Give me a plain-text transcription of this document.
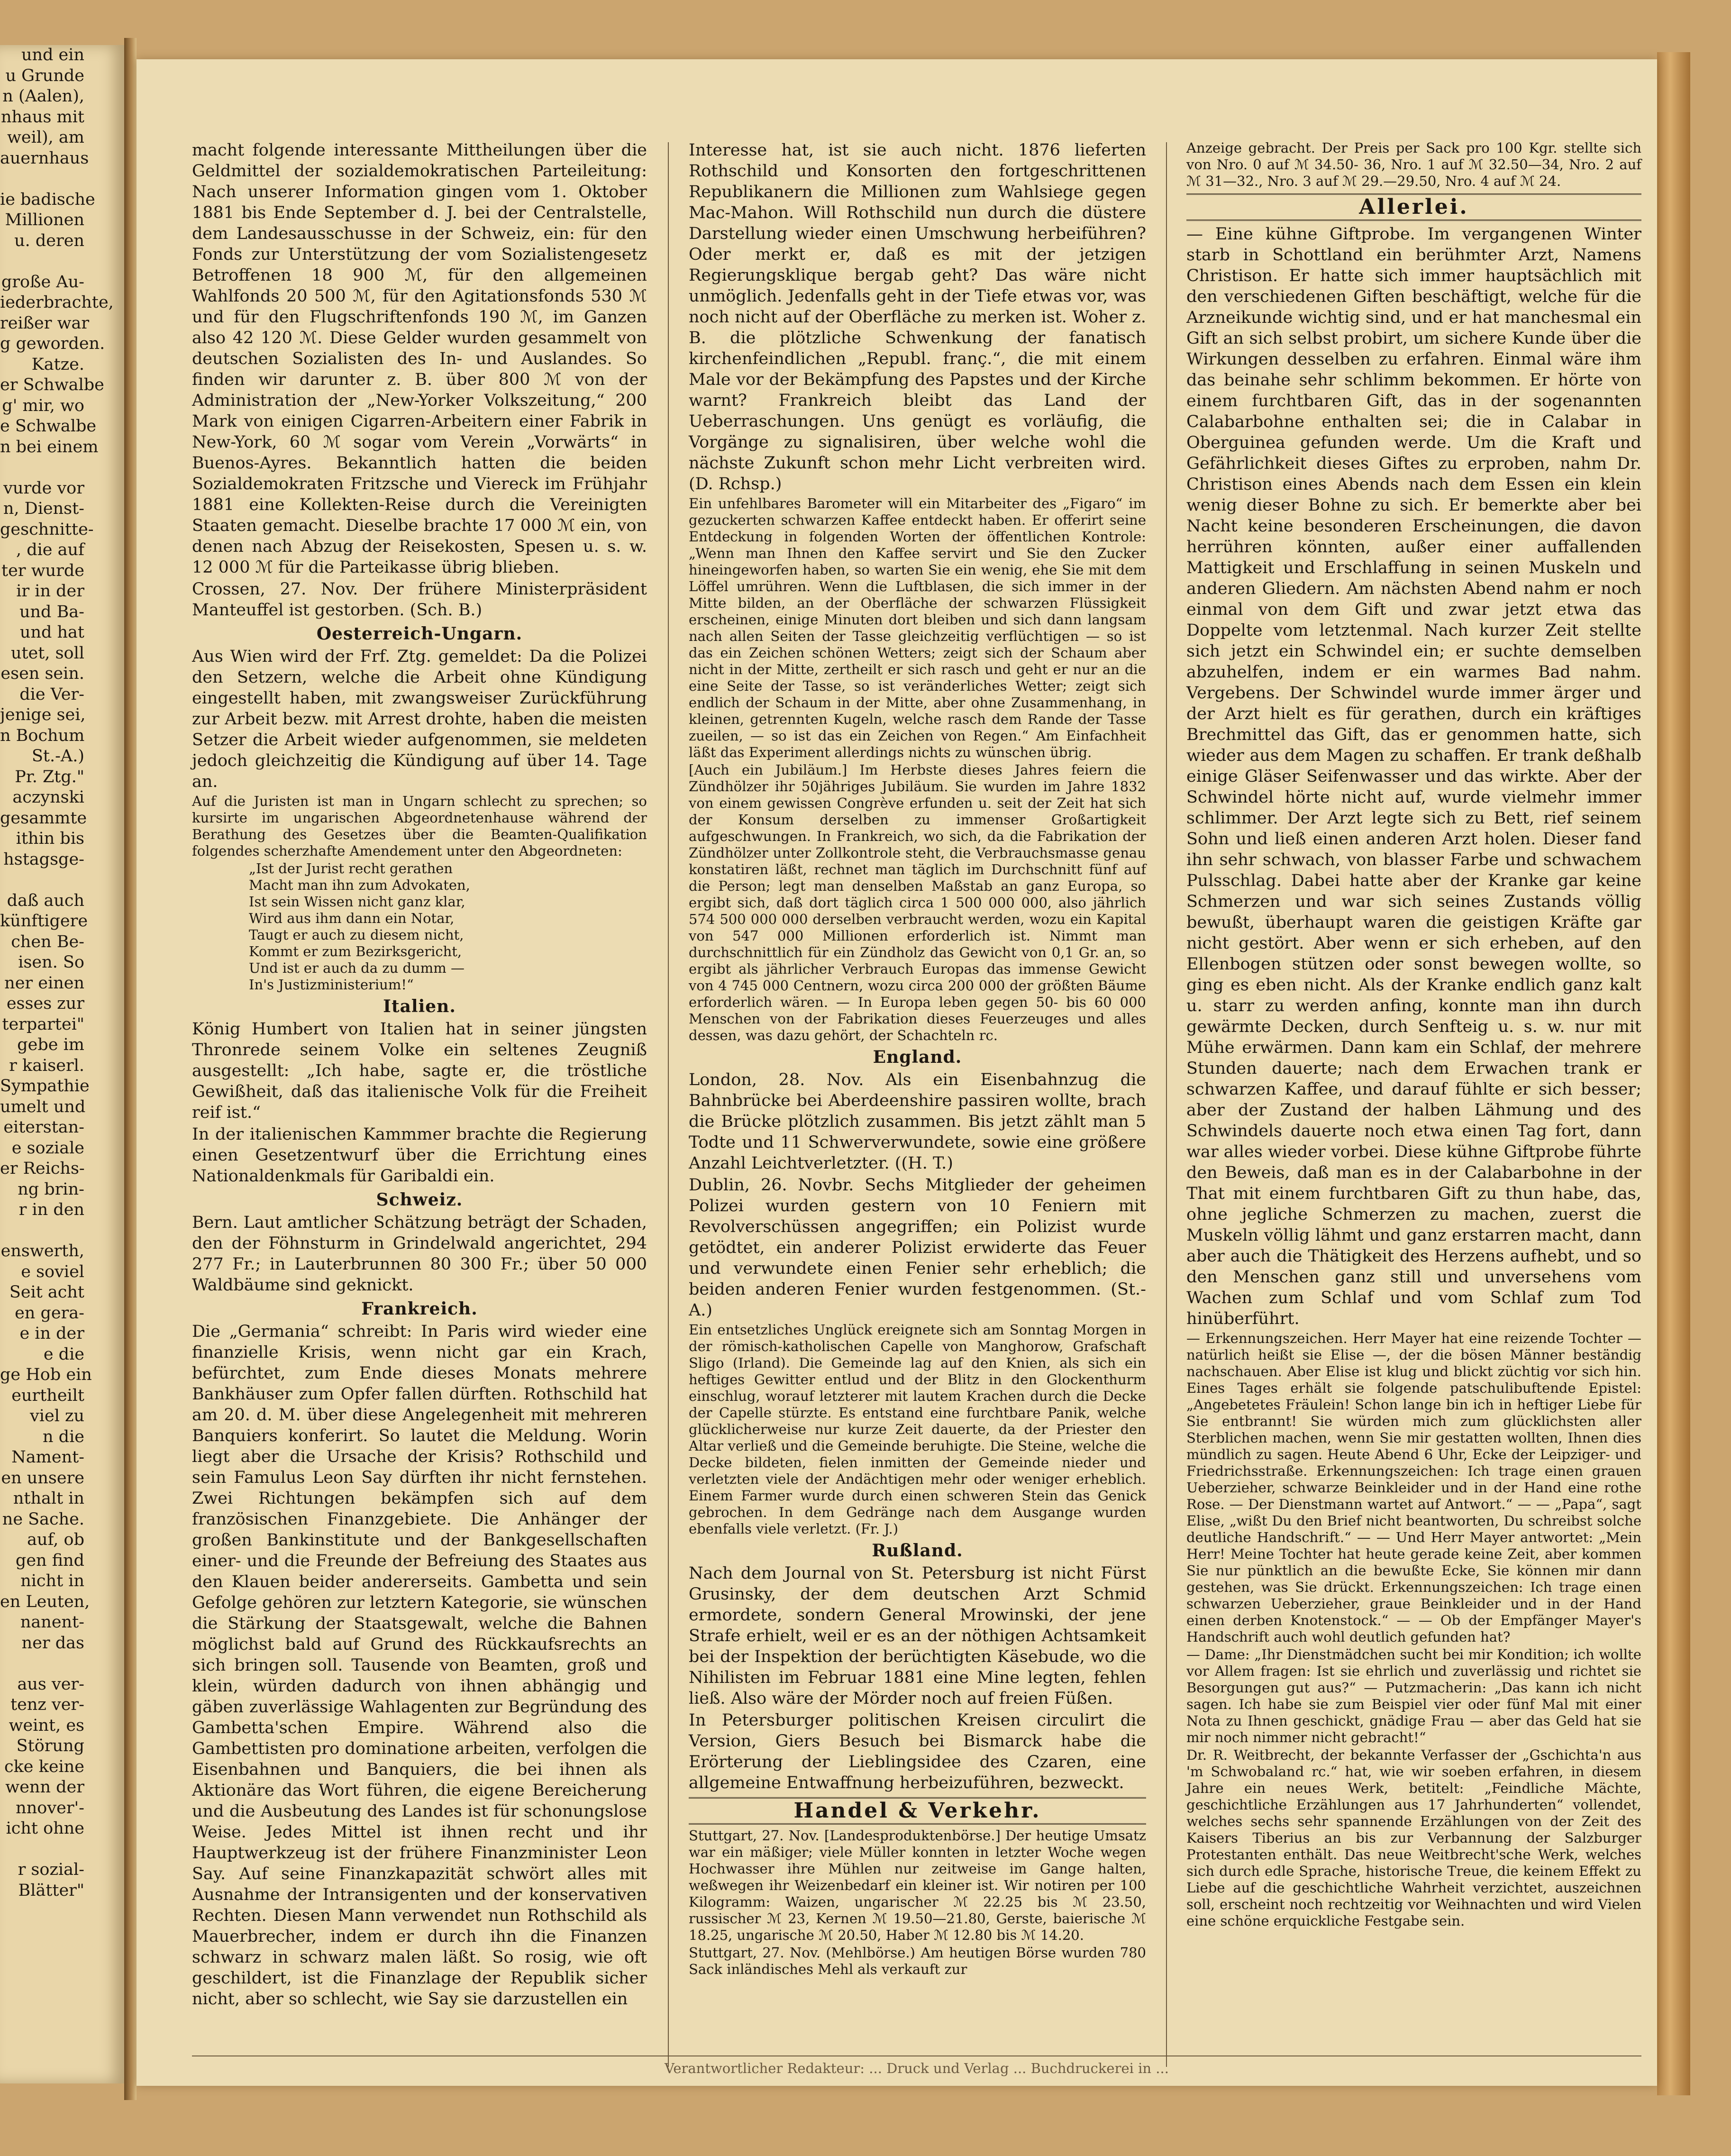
und ein
u Grunde
n (Aalen),
nhaus mit
weil), am
auernhaus

ie badische
Millionen
u. deren

große Au-
iederbrachte,
reißer war
g geworden.
Katze.
er Schwalbe
g' mir, wo
e Schwalbe
n bei einem

vurde vor
n, Dienst-
geschnitte-
, die auf
ter wurde
ir in der
und Ba-
und hat
utet, soll
esen sein.
die Ver-
jenige sei,
n Bochum
St.-A.)
Pr. Ztg."
aczynski
gesammte
ithin bis
hstagsge-

daß auch
künftigere
chen Be-
isen. So
ner einen
esses zur
terpartei"
gebe im
r kaiserl.
Sympathie
umelt und
eiterstan-
e soziale
er Reichs-
ng brin-
r in den

enswerth,
e soviel
Seit acht
en gera-
e in der
e die
ge Hob ein
eurtheilt
viel zu
n die
Nament-
en unsere
nthalt in
ne Sache.
auf, ob
gen find
nicht in
en Leuten,
nanent-
ner das

aus ver-
tenz ver-
weint, es
Störung
cke keine
wenn der
nnover'-
icht ohne

r sozial-
Blätter"

macht folgende interessante Mittheilungen über die Geldmittel der sozialdemokratischen Parteileitung: Nach unserer Information gingen vom 1. Oktober 1881 bis Ende September d. J. bei der Centralstelle, dem Landesausschusse in der Schweiz, ein: für den Fonds zur Unterstützung der vom Sozialistengesetz Betroffenen 18 900 ℳ, für den allgemeinen Wahlfonds 20 500 ℳ, für den Agitationsfonds 530 ℳ und für den Flugschriftenfonds 190 ℳ, im Ganzen also 42 120 ℳ. Diese Gelder wurden gesammelt von deutschen Sozialisten des In- und Auslandes. So finden wir darunter z. B. über 800 ℳ von der Administration der „New-Yorker Volkszeitung,“ 200 Mark von einigen Cigarren-Arbeitern einer Fabrik in New-York, 60 ℳ sogar vom Verein „Vorwärts“ in Buenos-Ayres. Bekanntlich hatten die beiden Sozialdemokraten Fritzsche und Viereck im Frühjahr 1881 eine Kollekten-Reise durch die Vereinigten Staaten gemacht. Dieselbe brachte 17 000 ℳ ein, von denen nach Abzug der Reisekosten, Spesen u. s. w. 12 000 ℳ für die Parteikasse übrig blieben.

Crossen, 27. Nov. Der frühere Ministerpräsident Manteuffel ist gestorben. (Sch. B.)

Oesterreich-Ungarn.

Aus Wien wird der Frf. Ztg. gemeldet: Da die Polizei den Setzern, welche die Arbeit ohne Kündigung eingestellt haben, mit zwangsweiser Zurückführung zur Arbeit bezw. mit Arrest drohte, haben die meisten Setzer die Arbeit wieder aufgenommen, sie meldeten jedoch gleichzeitig die Kündigung auf über 14. Tage an.

Auf die Juristen ist man in Ungarn schlecht zu sprechen; so kursirte im ungarischen Abgeordnetenhause während der Berathung des Gesetzes über die Beamten-Qualifikation folgendes scherzhafte Amendement unter den Abgeordneten:

„Ist der Jurist recht gerathen
Macht man ihn zum Advokaten,
Ist sein Wissen nicht ganz klar,
Wird aus ihm dann ein Notar,
Taugt er auch zu diesem nicht,
Kommt er zum Bezirksgericht,
Und ist er auch da zu dumm —
In's Justizministerium!“
Italien.

König Humbert von Italien hat in seiner jüngsten Thronrede seinem Volke ein seltenes Zeugniß ausgestellt: „Ich habe, sagte er, die tröstliche Gewißheit, daß das italienische Volk für die Freiheit reif ist.“

In der italienischen Kammmer brachte die Regierung einen Gesetzentwurf über die Errichtung eines Nationaldenkmals für Garibaldi ein.

Schweiz.

Bern. Laut amtlicher Schätzung beträgt der Schaden, den der Föhnsturm in Grindelwald angerichtet, 294 277 Fr.; in Lauterbrunnen 80 300 Fr.; über 50 000 Waldbäume sind geknickt.

Frankreich.

Die „Germania“ schreibt: In Paris wird wieder eine finanzielle Krisis, wenn nicht gar ein Krach, befürchtet, zum Ende dieses Monats mehrere Bankhäuser zum Opfer fallen dürften. Rothschild hat am 20. d. M. über diese Angelegenheit mit mehreren Banquiers konferirt. So lautet die Meldung. Worin liegt aber die Ursache der Krisis? Rothschild und sein Famulus Leon Say dürften ihr nicht fernstehen. Zwei Richtungen bekämpfen sich auf dem französischen Finanzgebiete. Die Anhänger der großen Bankinstitute und der Bankgesellschaften einer- und die Freunde der Befreiung des Staates aus den Klauen beider andererseits. Gambetta und sein Gefolge gehören zur letztern Kategorie, sie wünschen die Stärkung der Staatsgewalt, welche die Bahnen möglichst bald auf Grund des Rückkaufsrechts an sich bringen soll. Tausende von Beamten, groß und klein, würden dadurch von ihnen abhängig und gäben zuverlässige Wahlagenten zur Begründung des Gambetta'schen Empire. Während also die Gambettisten pro dominatione arbeiten, verfolgen die Eisenbahnen und Banquiers, die bei ihnen als Aktionäre das Wort führen, die eigene Bereicherung und die Ausbeutung des Landes ist für schonungslose Weise. Jedes Mittel ist ihnen recht und ihr Hauptwerkzeug ist der frühere Finanzminister Leon Say. Auf seine Finanzkapazität schwört alles mit Ausnahme der Intransigenten und der konservativen Rechten. Diesen Mann verwendet nun Rothschild als Mauerbrecher, indem er durch ihn die Finanzen schwarz in schwarz malen läßt. So rosig, wie oft geschildert, ist die Finanzlage der Republik sicher nicht, aber so schlecht, wie Say sie darzustellen ein

Interesse hat, ist sie auch nicht. 1876 lieferten Rothschild und Konsorten den fortgeschrittenen Republikanern die Millionen zum Wahlsiege gegen Mac-Mahon. Will Rothschild nun durch die düstere Darstellung wieder einen Umschwung herbeiführen? Oder merkt er, daß es mit der jetzigen Regierungsklique bergab geht? Das wäre nicht unmöglich. Jedenfalls geht in der Tiefe etwas vor, was noch nicht auf der Oberfläche zu merken ist. Woher z. B. die plötzliche Schwenkung der fanatisch kirchenfeindlichen „Republ. franç.“, die mit einem Male vor der Bekämpfung des Papstes und der Kirche warnt? Frankreich bleibt das Land der Ueberraschungen. Uns genügt es vorläufig, die Vorgänge zu signalisiren, über welche wohl die nächste Zukunft schon mehr Licht verbreiten wird. (D. Rchsp.)

Ein unfehlbares Barometer will ein Mitarbeiter des „Figaro“ im gezuckerten schwarzen Kaffee entdeckt haben. Er offerirt seine Entdeckung in folgenden Worten der öffentlichen Kontrole: „Wenn man Ihnen den Kaffee servirt und Sie den Zucker hineingeworfen haben, so warten Sie ein wenig, ehe Sie mit dem Löffel umrühren. Wenn die Luftblasen, die sich immer in der Mitte bilden, an der Oberfläche der schwarzen Flüssigkeit erscheinen, einige Minuten dort bleiben und sich dann langsam nach allen Seiten der Tasse gleichzeitig verflüchtigen — so ist das ein Zeichen schönen Wetters; zeigt sich der Schaum aber nicht in der Mitte, zertheilt er sich rasch und geht er nur an die eine Seite der Tasse, so ist veränderliches Wetter; zeigt sich endlich der Schaum in der Mitte, aber ohne Zusammenhang, in kleinen, getrennten Kugeln, welche rasch dem Rande der Tasse zueilen, — so ist das ein Zeichen von Regen.“ Am Einfachheit läßt das Experiment allerdings nichts zu wünschen übrig.

[Auch ein Jubiläum.] Im Herbste dieses Jahres feiern die Zündhölzer ihr 50jähriges Jubiläum. Sie wurden im Jahre 1832 von einem gewissen Congrève erfunden u. seit der Zeit hat sich der Konsum derselben zu immenser Großartigkeit aufgeschwungen. In Frankreich, wo sich, da die Fabrikation der Zündhölzer unter Zollkontrole steht, die Verbrauchsmasse genau konstatiren läßt, rechnet man täglich im Durchschnitt fünf auf die Person; legt man denselben Maßstab an ganz Europa, so ergibt sich, daß dort täglich circa 1 500 000 000, also jährlich 574 500 000 000 derselben verbraucht werden, wozu ein Kapital von 547 000 Millionen erforderlich ist. Nimmt man durchschnittlich für ein Zündholz das Gewicht von 0,1 Gr. an, so ergibt als jährlicher Verbrauch Europas das immense Gewicht von 4 745 000 Centnern, wozu circa 200 000 der größten Bäume erforderlich wären. — In Europa leben gegen 50- bis 60 000 Menschen von der Fabrikation dieses Feuerzeuges und alles dessen, was dazu gehört, der Schachteln rc.

England.

London, 28. Nov. Als ein Eisenbahnzug die Bahnbrücke bei Aberdeenshire passiren wollte, brach die Brücke plötzlich zusammen. Bis jetzt zählt man 5 Todte und 11 Schwerverwundete, sowie eine größere Anzahl Leichtverletzter. ((H. T.)

Dublin, 26. Novbr. Sechs Mitglieder der geheimen Polizei wurden gestern von 10 Feniern mit Revolverschüssen angegriffen; ein Polizist wurde getödtet, ein anderer Polizist erwiderte das Feuer und verwundete einen Fenier sehr erheblich; die beiden anderen Fenier wurden festgenommen. (St.-A.)

Ein entsetzliches Unglück ereignete sich am Sonntag Morgen in der römisch-katholischen Capelle von Manghorow, Grafschaft Sligo (Irland). Die Gemeinde lag auf den Knien, als sich ein heftiges Gewitter entlud und der Blitz in den Glockenthurm einschlug, worauf letzterer mit lautem Krachen durch die Decke der Capelle stürzte. Es entstand eine furchtbare Panik, welche glücklicherweise nur kurze Zeit dauerte, da der Priester den Altar verließ und die Gemeinde beruhigte. Die Steine, welche die Decke bildeten, fielen inmitten der Gemeinde nieder und verletzten viele der Andächtigen mehr oder weniger erheblich. Einem Farmer wurde durch einen schweren Stein das Genick gebrochen. In dem Gedränge nach dem Ausgange wurden ebenfalls viele verletzt. (Fr. J.)

Rußland.

Nach dem Journal von St. Petersburg ist nicht Fürst Grusinsky, der dem deutschen Arzt Schmid ermordete, sondern General Mrowinski, der jene Strafe erhielt, weil er es an der nöthigen Achtsamkeit bei der Inspektion der berüchtigten Käsebude, wo die Nihilisten im Februar 1881 eine Mine legten, fehlen ließ. Also wäre der Mörder noch auf freien Füßen.

In Petersburger politischen Kreisen circulirt die Version, Giers Besuch bei Bismarck habe die Erörterung der Lieblingsidee des Czaren, eine allgemeine Entwaffnung herbeizuführen, bezweckt.

Handel & Verkehr.

Stuttgart, 27. Nov. [Landesproduktenbörse.] Der heutige Umsatz war ein mäßiger; viele Müller konnten in letzter Woche wegen Hochwasser ihre Mühlen nur zeitweise im Gange halten, weßwegen ihr Weizenbedarf ein kleiner ist. Wir notiren per 100 Kilogramm: Waizen, ungarischer ℳ 22.25 bis ℳ 23.50, russischer ℳ 23, Kernen ℳ 19.50—21.80, Gerste, baierische ℳ 18.25, ungarische ℳ 20.50, Haber ℳ 12.80 bis ℳ 14.20.

Stuttgart, 27. Nov. (Mehlbörse.) Am heutigen Börse wurden 780 Sack inländisches Mehl als verkauft zur

Anzeige gebracht. Der Preis per Sack pro 100 Kgr. stellte sich von Nro. 0 auf ℳ 34.50- 36, Nro. 1 auf ℳ 32.50—34, Nro. 2 auf ℳ 31—32., Nro. 3 auf ℳ 29.—29.50, Nro. 4 auf ℳ 24.

Allerlei.

— Eine kühne Giftprobe. Im vergangenen Winter starb in Schottland ein berühmter Arzt, Namens Christison. Er hatte sich immer hauptsächlich mit den verschiedenen Giften beschäftigt, welche für die Arzneikunde wichtig sind, und er hat manchesmal ein Gift an sich selbst probirt, um sichere Kunde über die Wirkungen desselben zu erfahren. Einmal wäre ihm das beinahe sehr schlimm bekommen. Er hörte von einem furchtbaren Gift, das in der sogenannten Calabarbohne enthalten sei; die in Calabar in Oberguinea gefunden werde. Um die Kraft und Gefährlichkeit dieses Giftes zu erproben, nahm Dr. Christison eines Abends nach dem Essen ein klein wenig dieser Bohne zu sich. Er bemerkte aber bei Nacht keine besonderen Erscheinungen, die davon herrühren könnten, außer einer auffallenden Mattigkeit und Erschlaffung in seinen Muskeln und anderen Gliedern. Am nächsten Abend nahm er noch einmal von dem Gift und zwar jetzt etwa das Doppelte vom letztenmal. Nach kurzer Zeit stellte sich jetzt ein Schwindel ein; er suchte demselben abzuhelfen, indem er ein warmes Bad nahm. Vergebens. Der Schwindel wurde immer ärger und der Arzt hielt es für gerathen, durch ein kräftiges Brechmittel das Gift, das er genommen hatte, sich wieder aus dem Magen zu schaffen. Er trank deßhalb einige Gläser Seifenwasser und das wirkte. Aber der Schwindel hörte nicht auf, wurde vielmehr immer schlimmer. Der Arzt legte sich zu Bett, rief seinem Sohn und ließ einen anderen Arzt holen. Dieser fand ihn sehr schwach, von blasser Farbe und schwachem Pulsschlag. Dabei hatte aber der Kranke gar keine Schmerzen und war sich seines Zustands völlig bewußt, überhaupt waren die geistigen Kräfte gar nicht gestört. Aber wenn er sich erheben, auf den Ellenbogen stützen oder sonst bewegen wollte, so ging es eben nicht. Als der Kranke endlich ganz kalt u. starr zu werden anfing, konnte man ihn durch gewärmte Decken, durch Senfteig u. s. w. nur mit Mühe erwärmen. Dann kam ein Schlaf, der mehrere Stunden dauerte; nach dem Erwachen trank er schwarzen Kaffee, und darauf fühlte er sich besser; aber der Zustand der halben Lähmung und des Schwindels dauerte noch etwa einen Tag fort, dann war alles wieder vorbei. Diese kühne Giftprobe führte den Beweis, daß man es in der Calabarbohne in der That mit einem furchtbaren Gift zu thun habe, das, ohne jegliche Schmerzen zu machen, zuerst die Muskeln völlig lähmt und ganz erstarren macht, dann aber auch die Thätigkeit des Herzens aufhebt, und so den Menschen ganz still und unversehens vom Wachen zum Schlaf und vom Schlaf zum Tod hinüberführt.

— Erkennungszeichen. Herr Mayer hat eine reizende Tochter — natürlich heißt sie Elise —, der die bösen Männer beständig nachschauen. Aber Elise ist klug und blickt züchtig vor sich hin. Eines Tages erhält sie folgende patschulibuftende Epistel: „Angebetetes Fräulein! Schon lange bin ich in heftiger Liebe für Sie entbrannt! Sie würden mich zum glücklichsten aller Sterblichen machen, wenn Sie mir gestatten wollten, Ihnen dies mündlich zu sagen. Heute Abend 6 Uhr, Ecke der Leipziger- und Friedrichsstraße. Erkennungszeichen: Ich trage einen grauen Ueberzieher, schwarze Beinkleider und in der Hand eine rothe Rose. — Der Dienstmann wartet auf Antwort.“ — — „Papa“, sagt Elise, „wißt Du den Brief nicht beantworten, Du schreibst solche deutliche Handschrift.“ — — Und Herr Mayer antwortet: „Mein Herr! Meine Tochter hat heute gerade keine Zeit, aber kommen Sie nur pünktlich an die bewußte Ecke, Sie können mir dann gestehen, was Sie drückt. Erkennungszeichen: Ich trage einen schwarzen Ueberzieher, graue Beinkleider und in der Hand einen derben Knotenstock.“ — — Ob der Empfänger Mayer's Handschrift auch wohl deutlich gefunden hat?

— Dame: „Ihr Dienstmädchen sucht bei mir Kondition; ich wollte vor Allem fragen: Ist sie ehrlich und zuverlässig und richtet sie Besorgungen gut aus?“ — Putzmacherin: „Das kann ich nicht sagen. Ich habe sie zum Beispiel vier oder fünf Mal mit einer Nota zu Ihnen geschickt, gnädige Frau — aber das Geld hat sie mir noch nimmer nicht gebracht!“

Dr. R. Weitbrecht, der bekannte Verfasser der „Gschichta'n aus 'm Schwobaland rc.“ hat, wie wir soeben erfahren, in diesem Jahre ein neues Werk, betitelt: „Feindliche Mächte, geschichtliche Erzählungen aus 17 Jahrhunderten“ vollendet, welches sechs sehr spannende Erzählungen von der Zeit des Kaisers Tiberius an bis zur Verbannung der Salzburger Protestanten enthält. Das neue Weitbrecht'sche Werk, welches sich durch edle Sprache, historische Treue, die keinem Effekt zu Liebe auf die geschichtliche Wahrheit verzichtet, auszeichnen soll, erscheint noch rechtzeitig vor Weihnachten und wird Vielen eine schöne erquickliche Festgabe sein.

Verantwortlicher Redakteur: ... Druck und Verlag ... Buchdruckerei in ...
